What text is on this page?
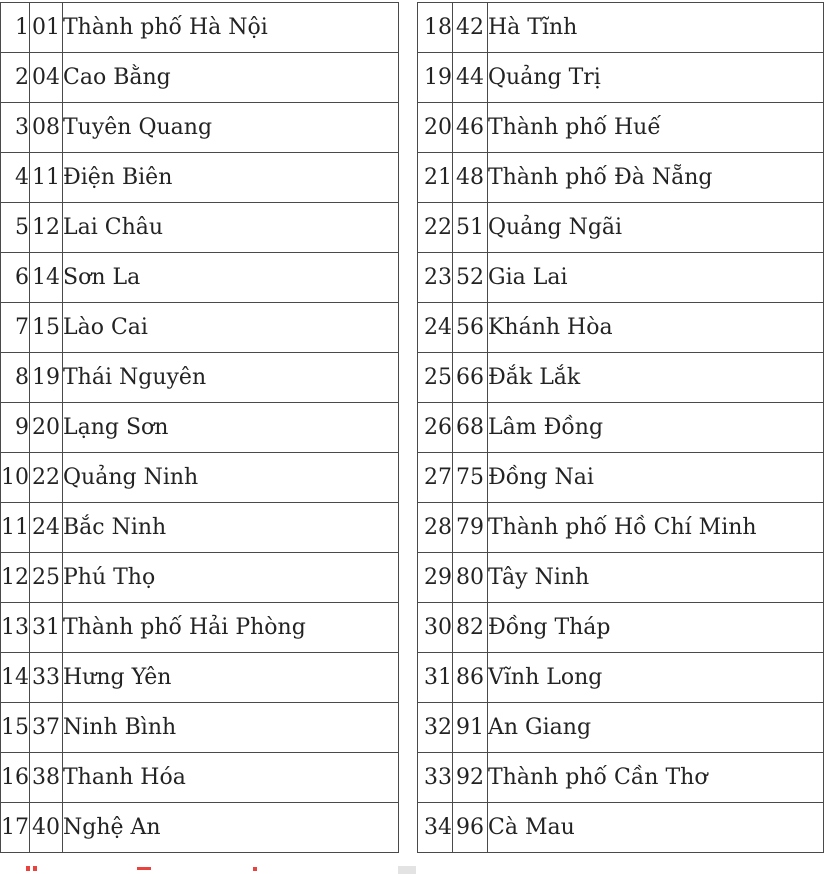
1	01	Thành phố Hà Nội
2	04	Cao Bằng
3	08	Tuyên Quang
4	11	Điện Biên
5	12	Lai Châu
6	14	Sơn La
7	15	Lào Cai
8	19	Thái Nguyên
9	20	Lạng Sơn
10	22	Quảng Ninh
11	24	Bắc Ninh
12	25	Phú Thọ
13	31	Thành phố Hải Phòng
14	33	Hưng Yên
15	37	Ninh Bình
16	38	Thanh Hóa
17	40	Nghệ An
18	42	Hà Tĩnh
19	44	Quảng Trị
20	46	Thành phố Huế
21	48	Thành phố Đà Nẵng
22	51	Quảng Ngãi
23	52	Gia Lai
24	56	Khánh Hòa
25	66	Đắk Lắk
26	68	Lâm Đồng
27	75	Đồng Nai
28	79	Thành phố Hồ Chí Minh
29	80	Tây Ninh
30	82	Đồng Tháp
31	86	Vĩnh Long
32	91	An Giang
33	92	Thành phố Cần Thơ
34	96	Cà Mau
